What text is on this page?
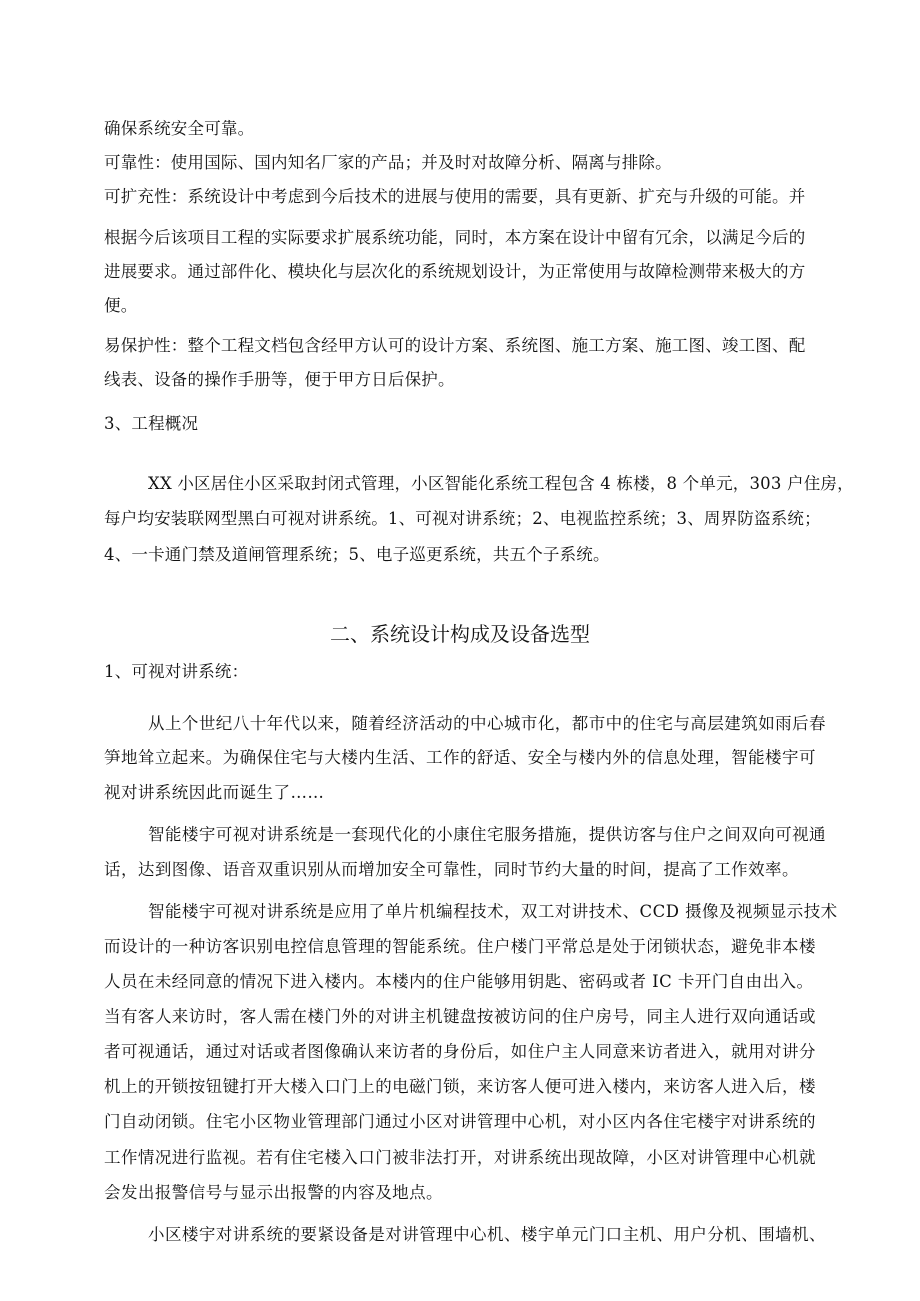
确保系统安全可靠。
可靠性：使用国际、国内知名厂家的产品；并及时对故障分析、隔离与排除。
可扩充性：系统设计中考虑到今后技术的进展与使用的需要，具有更新、扩充与升级的可能。并
根据今后该项目工程的实际要求扩展系统功能，同时，本方案在设计中留有冗余，以满足今后的
进展要求。通过部件化、模块化与层次化的系统规划设计，为正常使用与故障检测带来极大的方
便。
易保护性：整个工程文档包含经甲方认可的设计方案、系统图、施工方案、施工图、竣工图、配
线表、设备的操作手册等，便于甲方日后保护。
3、工程概况
XX 小区居住小区采取封闭式管理，小区智能化系统工程包含 4 栋楼，8 个单元，303 户住房，
每户均安装联网型黑白可视对讲系统。1、可视对讲系统；2、电视监控系统；3、周界防盗系统；
4、一卡通门禁及道闸管理系统；5、电子巡更系统，共五个子系统。
二、系统设计构成及设备选型
1、可视对讲系统：
从上个世纪八十年代以来，随着经济活动的中心城市化，都市中的住宅与高层建筑如雨后春
笋地耸立起来。为确保住宅与大楼内生活、工作的舒适、安全与楼内外的信息处理，智能楼宇可
视对讲系统因此而诞生了……
智能楼宇可视对讲系统是一套现代化的小康住宅服务措施，提供访客与住户之间双向可视通
话，达到图像、语音双重识别从而增加安全可靠性，同时节约大量的时间，提高了工作效率。
智能楼宇可视对讲系统是应用了单片机编程技术，双工对讲技术、CCD 摄像及视频显示技术
而设计的一种访客识别电控信息管理的智能系统。住户楼门平常总是处于闭锁状态，避免非本楼
人员在未经同意的情况下进入楼内。本楼内的住户能够用钥匙、密码或者 IC 卡开门自由出入。
当有客人来访时，客人需在楼门外的对讲主机键盘按被访问的住户房号，同主人进行双向通话或
者可视通话，通过对话或者图像确认来访者的身份后，如住户主人同意来访者进入，就用对讲分
机上的开锁按钮键打开大楼入口门上的电磁门锁，来访客人便可进入楼内，来访客人进入后，楼
门自动闭锁。住宅小区物业管理部门通过小区对讲管理中心机，对小区内各住宅楼宇对讲系统的
工作情况进行监视。若有住宅楼入口门被非法打开，对讲系统出现故障，小区对讲管理中心机就
会发出报警信号与显示出报警的内容及地点。
小区楼宇对讲系统的要紧设备是对讲管理中心机、楼宇单元门口主机、用户分机、围墙机、
